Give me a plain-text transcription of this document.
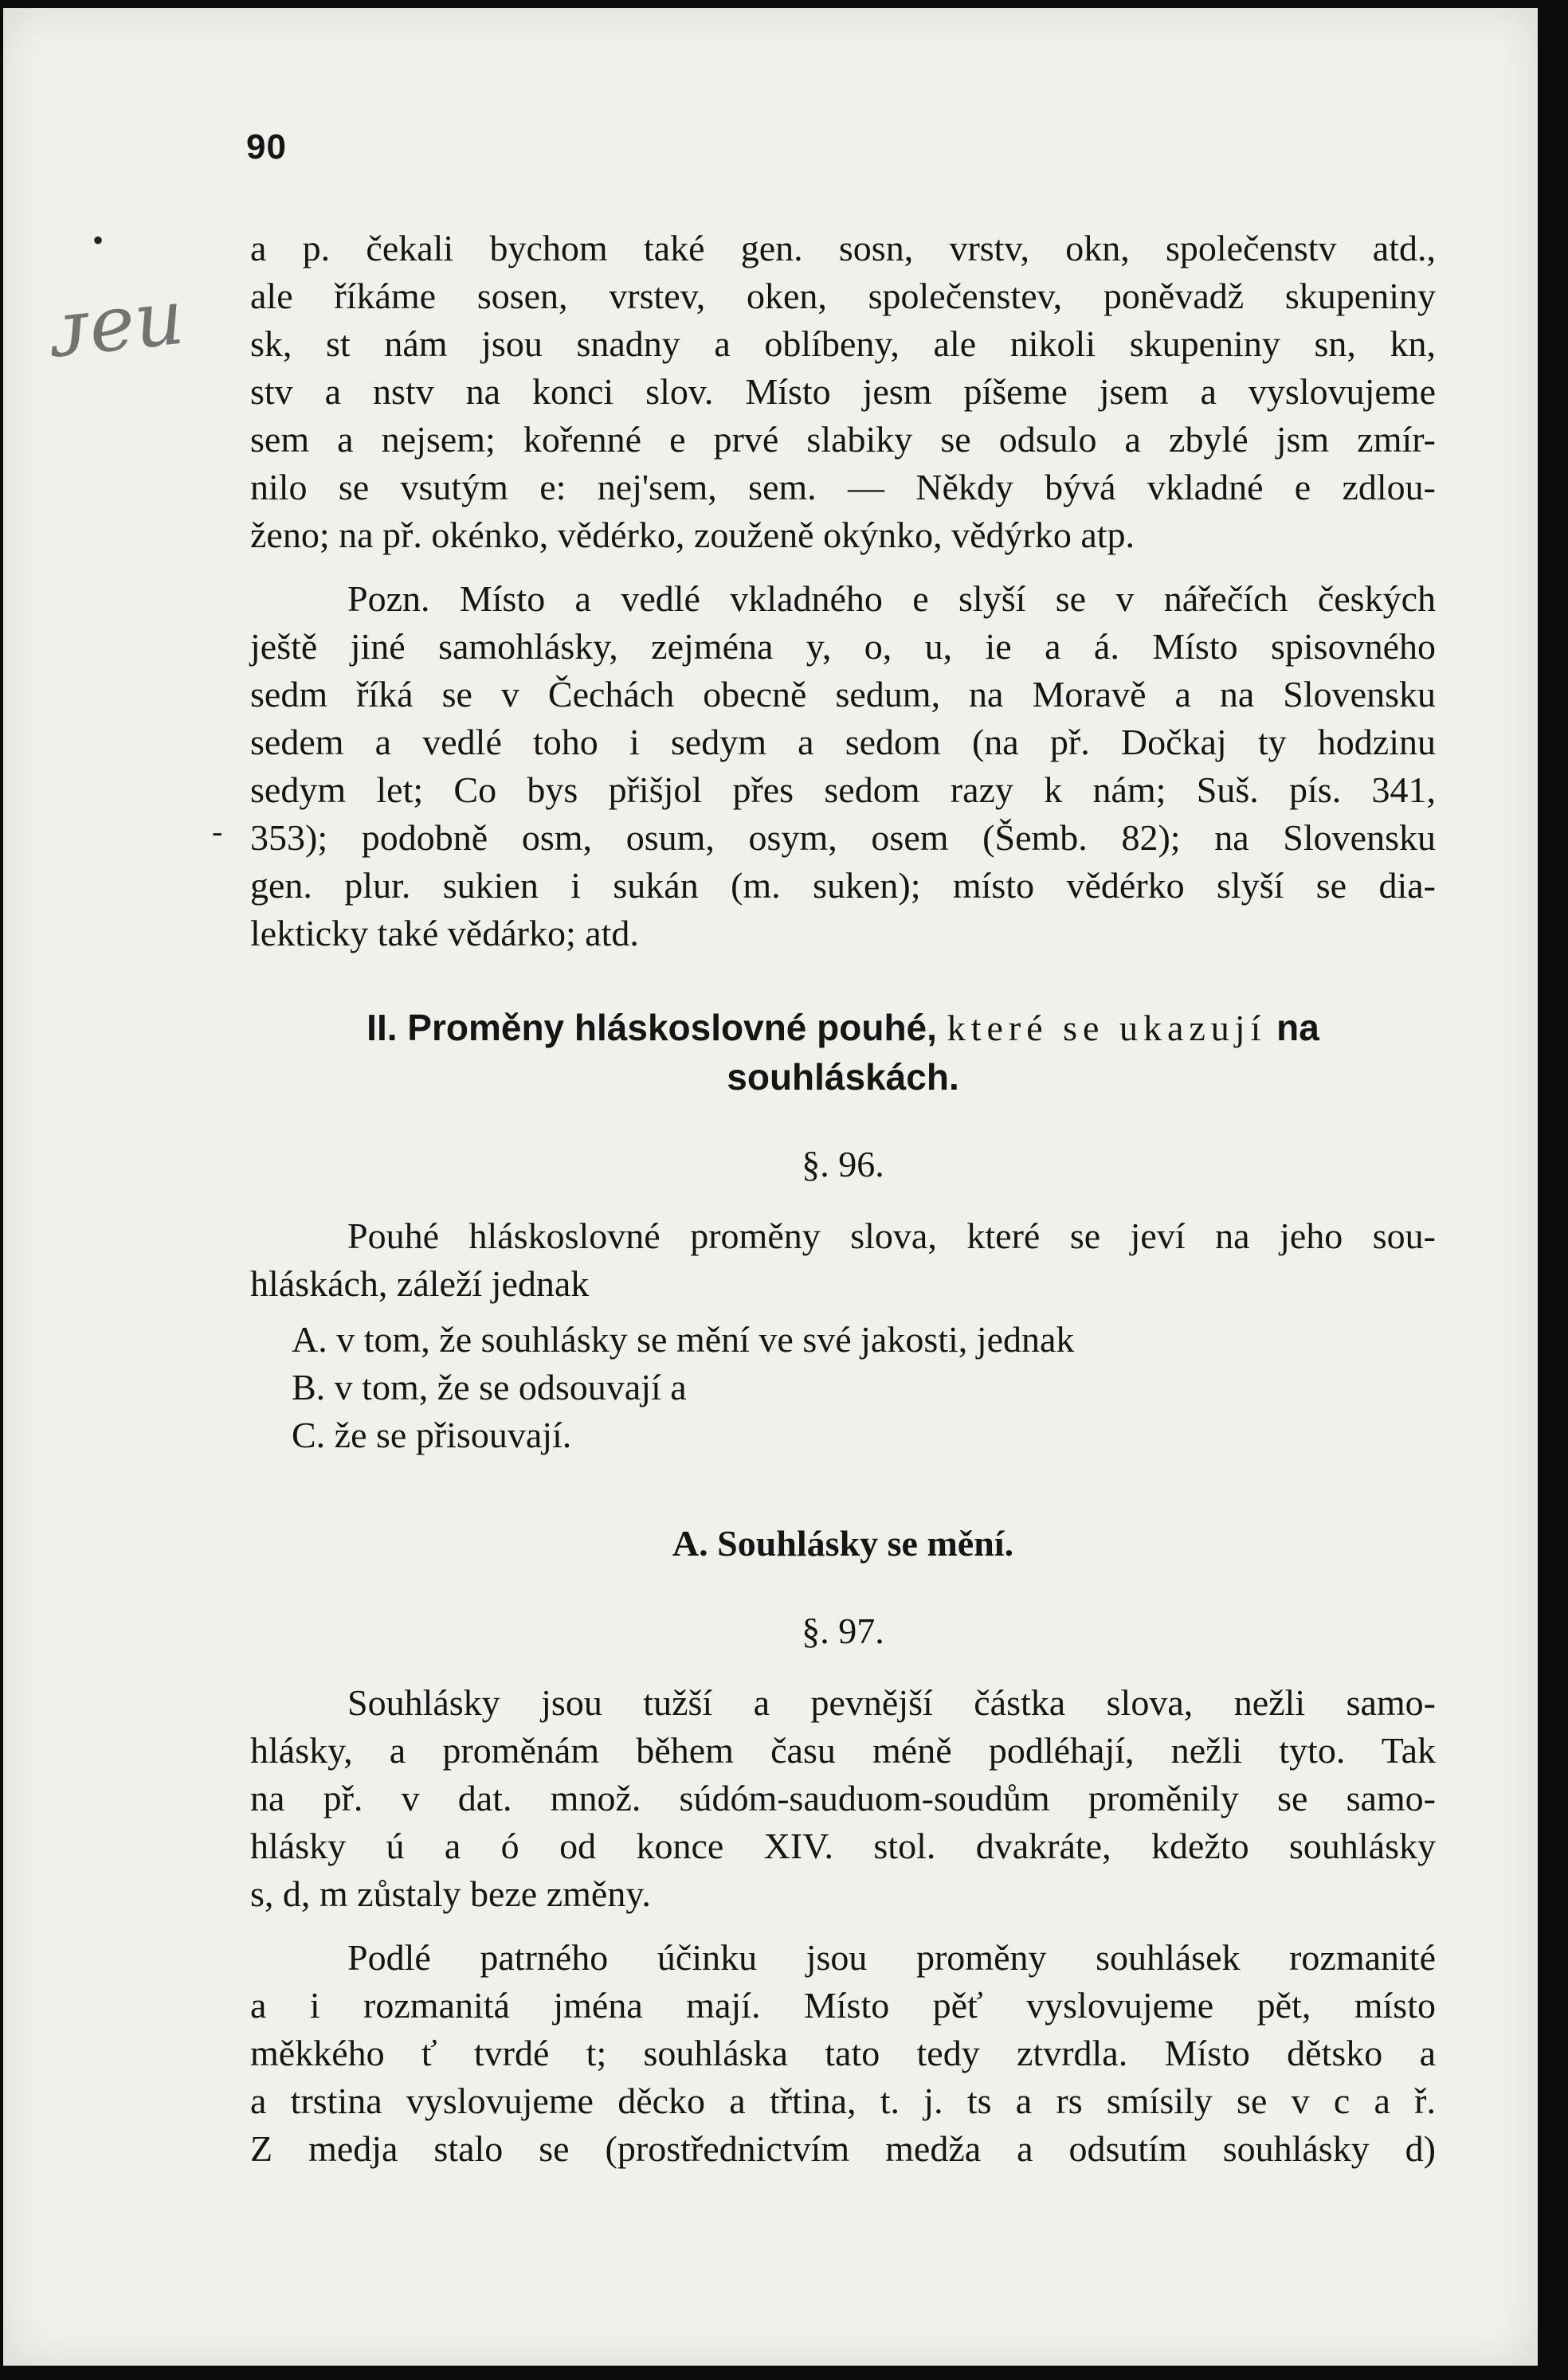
90
ᴊeu
•
-
a p. čekali bychom také gen. sosn, vrstv, okn, společenstv atd.,
ale říkáme sosen, vrstev, oken, společenstev, poněvadž skupeniny
sk, st nám jsou snadny a oblíbeny, ale nikoli skupeniny sn, kn,
stv a nstv na konci slov. Místo jesm píšeme jsem a vyslovujeme
sem a nejsem; kořenné e prvé slabiky se odsulo a zbylé jsm zmír-
nilo se vsutým e: nej'sem, sem. — Někdy bývá vkladné e zdlou-
ženo; na př. okénko, vědérko, zouženě okýnko, vědýrko atp.
Pozn. Místo a vedlé vkladného e slyší se v nářečích českých
ještě jiné samohlásky, zejména y, o, u, ie a á. Místo spisovného
sedm říká se v Čechách obecně sedum, na Moravě a na Slovensku
sedem a vedlé toho i sedym a sedom (na př. Dočkaj ty hodzinu
sedym let; Co bys přišjol přes sedom razy k nám; Suš. pís. 341,
353); podobně osm, osum, osym, osem (Šemb. 82); na Slovensku
gen. plur. sukien i sukán (m. suken); místo vědérko slyší se dia-
lekticky také vědárko; atd.
II. Proměny hláskoslovné pouhé, které se ukazují na
souhláskách.
§. 96.
Pouhé hláskoslovné proměny slova, které se jeví na jeho sou-
hláskách, záleží jednak
A. v tom, že souhlásky se mění ve své jakosti, jednak
B. v tom, že se odsouvají a
C. že se přisouvají.
A. Souhlásky se mění.
§. 97.
Souhlásky jsou tužší a pevnější částka slova, nežli samo-
hlásky, a proměnám během času méně podléhají, nežli tyto. Tak
na př. v dat. množ. súdóm-sauduom-soudům proměnily se samo-
hlásky ú a ó od konce XIV. stol. dvakráte, kdežto souhlásky
s, d, m zůstaly beze změny.
Podlé patrného účinku jsou proměny souhlásek rozmanité
a i rozmanitá jména mají. Místo pěť vyslovujeme pět, místo
měkkého ť tvrdé t; souhláska tato tedy ztvrdla. Místo dětsko a
a trstina vyslovujeme děcko a třtina, t. j. ts a rs smísily se v c a ř.
Z medja stalo se (prostřednictvím medža a odsutím souhlásky d)
